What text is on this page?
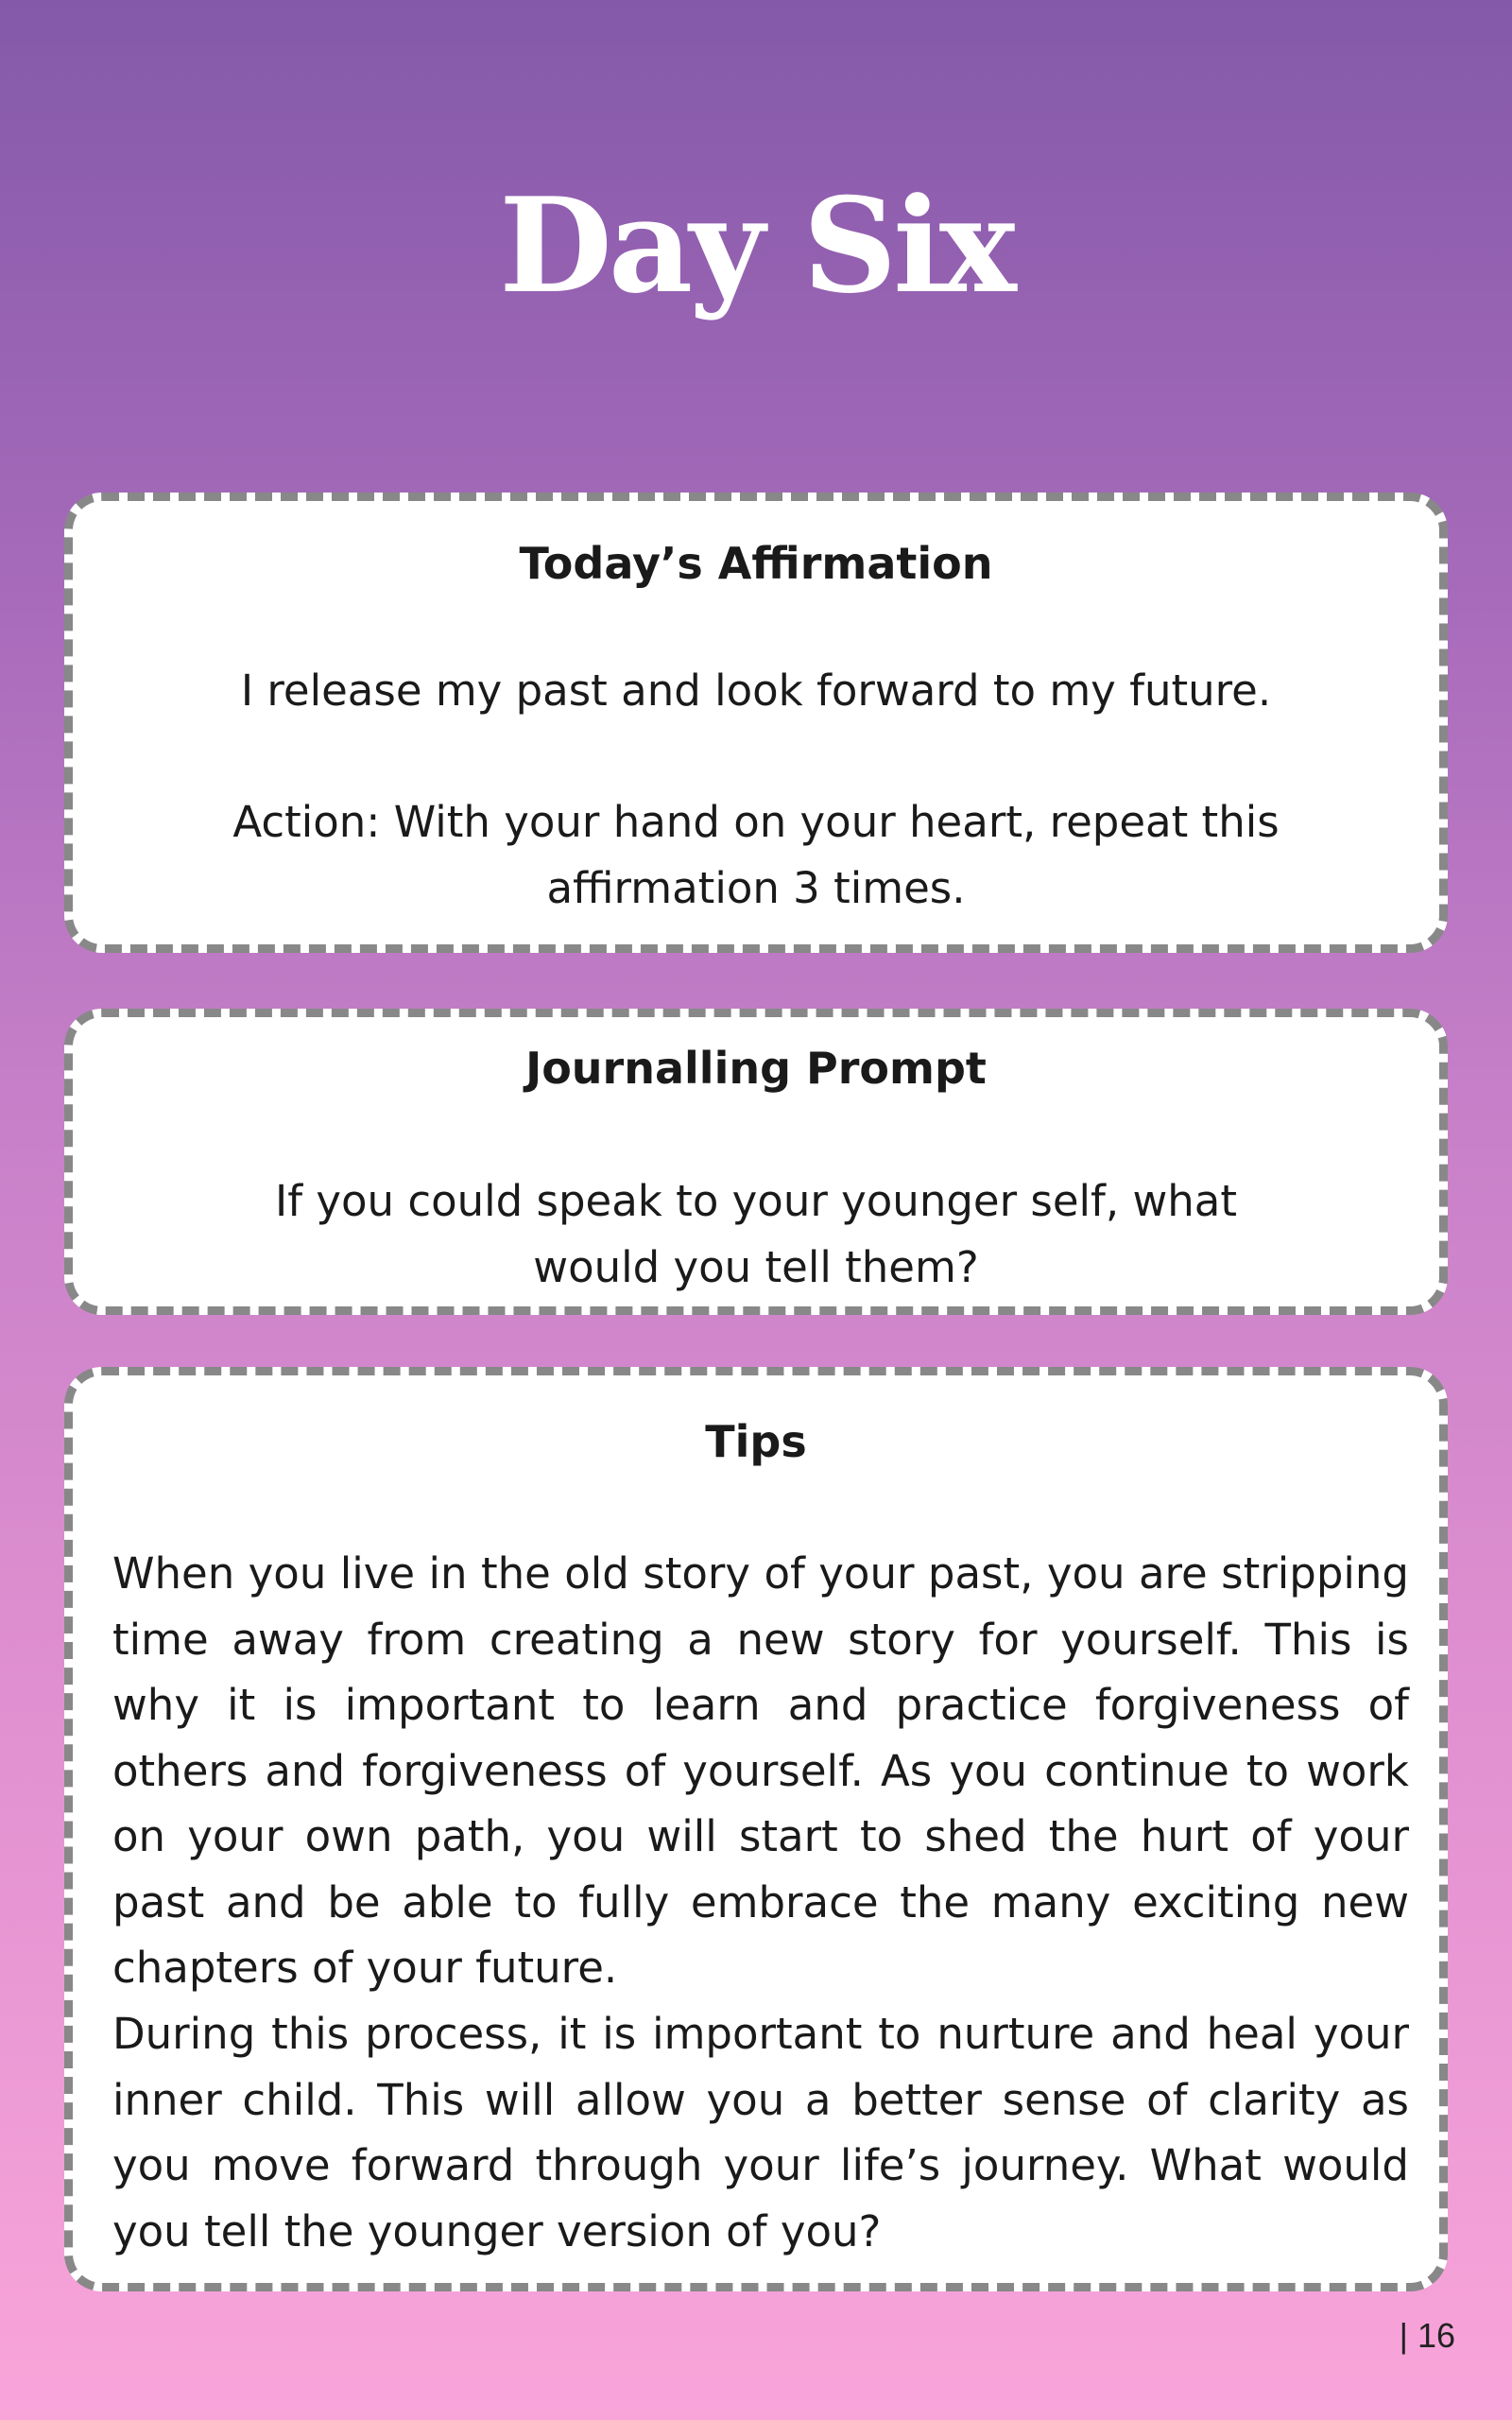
Day Six
Today’s Affirmation
I release my past and look forward to my future.
Action: With your hand on your heart, repeat this affirmation 3 times.
Journalling Prompt
If you could speak to your younger self, what would you tell them?
Tips
When you live in the old story of your past, you are stripping time away from creating a new story for yourself. This is why it is important to learn and practice forgiveness of others and forgiveness of yourself. As you continue to work on your own path, you will start to shed the hurt of your past and be able to fully embrace the many exciting new chapters of your future.
During this process, it is important to nurture and heal your inner child. This will allow you a better sense of clarity as you move forward through your life’s journey. What would you tell the younger version of you?
| 16
